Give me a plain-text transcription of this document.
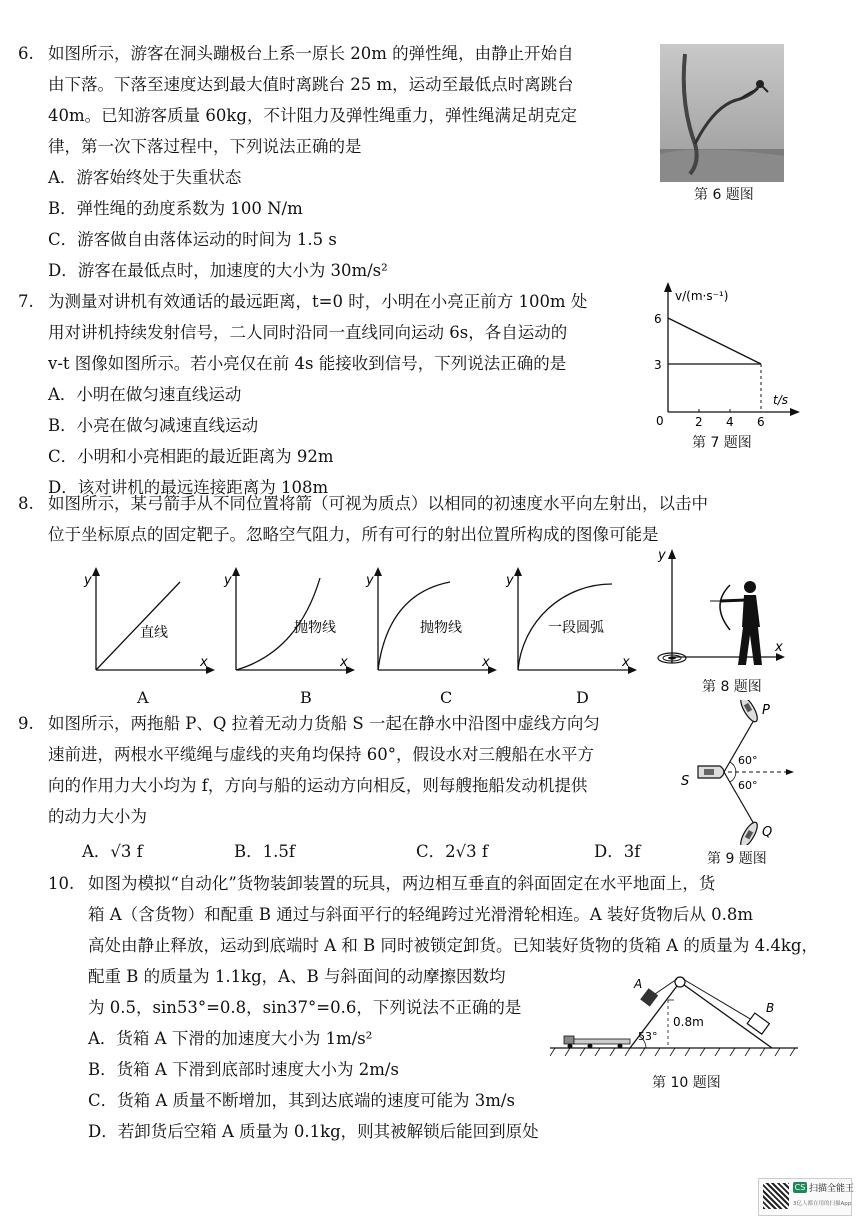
6. 如图所示，游客在洞头蹦极台上系一原长 20m 的弹性绳，由静止开始自
由下落。下落至速度达到最大值时离跳台 25 m，运动至最低点时离跳台
40m。已知游客质量 60kg，不计阻力及弹性绳重力，弹性绳满足胡克定
律，第一次下落过程中，下列说法正确的是
A．游客始终处于失重状态
B．弹性绳的劲度系数为 100 N/m
C．游客做自由落体运动的时间为 1.5 s
D．游客在最低点时，加速度的大小为 30m/s²
第 6 题图
7. 为测量对讲机有效通话的最远距离，t=0 时，小明在小亮正前方 100m 处
用对讲机持续发射信号，二人同时沿同一直线同向运动 6s，各自运动的
v-t 图像如图所示。若小亮仅在前 4s 能接收到信号，下列说法正确的是
A．小明在做匀速直线运动
B．小亮在做匀减速直线运动
C．小明和小亮相距的最近距离为 92m
D．该对讲机的最远连接距离为 108m
v/(m·s⁻¹)
t/s
6
3
0	2 4 6
第 7 题图
8. 如图所示，某弓箭手从不同位置将箭（可视为质点）以相同的初速度水平向左射出，以击中
位于坐标原点的固定靶子。忽略空气阻力，所有可行的射出位置所构成的图像可能是
y
x
直线
y
x
抛物线
y
x
抛物线
y
x
一段圆弧
A	B	C	D
y
x
第 8 题图
9. 如图所示，两拖船 P、Q 拉着无动力货船 S 一起在静水中沿图中虚线方向匀
速前进，两根水平缆绳与虚线的夹角均保持 60°，假设水对三艘船在水平方
向的作用力大小均为 f，方向与船的运动方向相反，则每艘拖船发动机提供
的动力大小为
A．√3 f	B．1.5f	C．2√3 f	D．3f
P
Q
S
60°
60°
第 9 题图
10. 如图为模拟“自动化”货物装卸装置的玩具，两边相互垂直的斜面固定在水平地面上，货
箱 A（含货物）和配重 B 通过与斜面平行的轻绳跨过光滑滑轮相连。A 装好货物后从 0.8m
高处由静止释放，运动到底端时 A 和 B 同时被锁定卸货。已知装好货物的货箱 A 的质量为 4.4kg，
配重 B 的质量为 1.1kg，A、B 与斜面间的动摩擦因数均
为 0.5，sin53°=0.8，sin37°=0.6，下列说法不正确的是
A．货箱 A 下滑的加速度大小为 1m/s²
B．货箱 A 下滑到底部时速度大小为 2m/s
C．货箱 A 质量不断增加，其到达底端的速度可能为 3m/s
D．若卸货后空箱 A 质量为 0.1kg，则其被解锁后能回到原处
A
B
0.8m
53°
第 10 题图
CS 扫描全能王
3亿人都在用的扫描App
